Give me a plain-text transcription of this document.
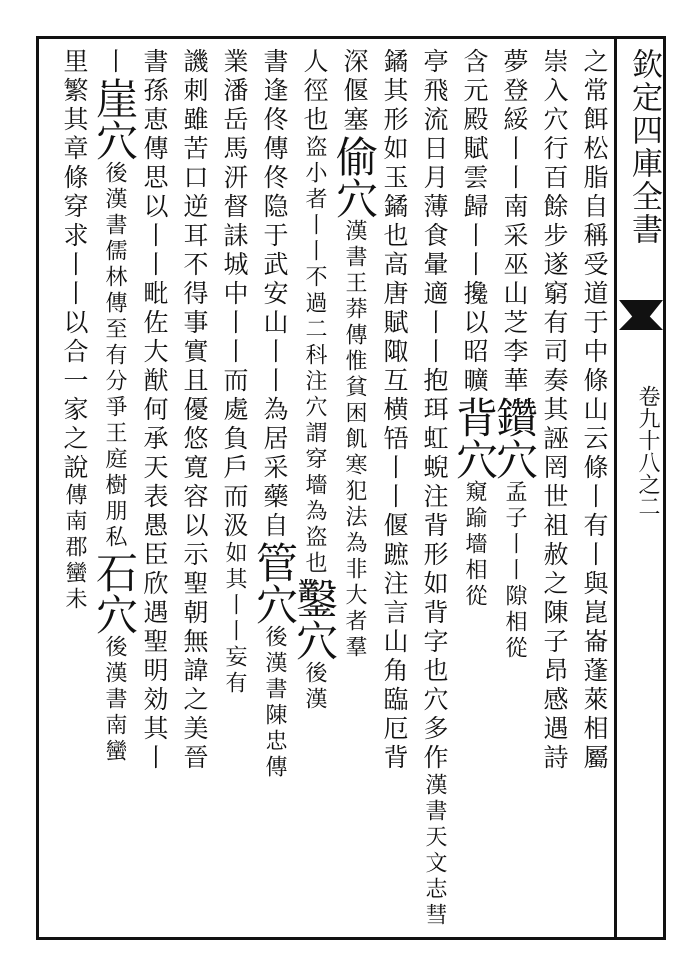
欽定四庫全書
卷九十八之二
之常餌松脂自稱受道于中條山云條丨有丨與崑崙蓬萊相屬
崇入穴行百餘步遂窮有司奏其誣罔世祖赦之陳子昂感遇詩
夢登綏丨丨南采巫山芝李華鑽穴孟子丨丨隙相從
含元殿賦雲歸丨丨攙以昭曠背穴窺踰墻相從
亭飛流日月薄食暈適丨丨抱珥虹蜺注背形如背字也穴多作漢書天文志彗
鐍其形如玉鐍也高唐賦陬互横啎丨丨偃蹠注言山角臨厄背
深偃塞偷穴漢書王莽傳惟貧困飢寒犯法為非大者羣
人徑也盗小者丨丨不過二科注穴謂穿墻為盗也鑿穴後漢
書逢佟傳佟隐于武安山丨丨為居采藥自管穴後漢書陳忠傳
業潘岳馬汧督誄城中丨丨而處負戶而汲如其丨丨妄有
譏刺雖苦口逆耳不得事實且優悠寛容以示聖朝無諱之美晉
書孫恵傳思以丨丨毗佐大猷何承天表愚臣欣遇聖明効其丨
丨崖穴後漢書儒林傳至有分爭王庭樹朋私石穴後漢書南蠻
里繁其章條穿求丨丨以合一家之說傳南郡蠻未
